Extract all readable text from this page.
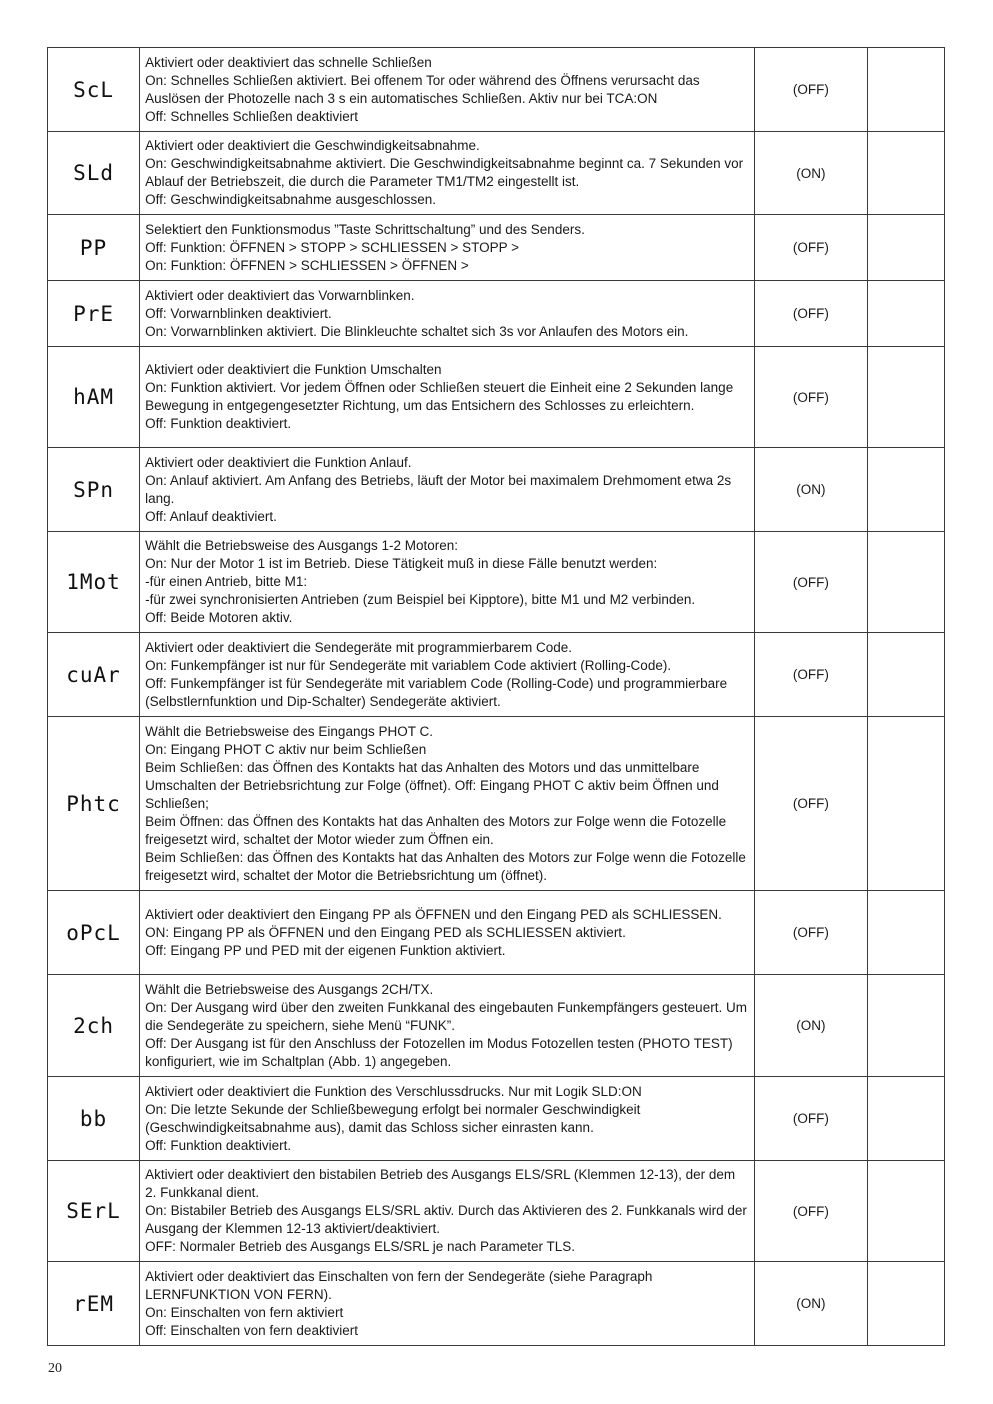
ScL	Aktiviert oder deaktiviert das schnelle Schließen
On: Schnelles Schließen aktiviert. Bei offenem Tor oder während des Öffnens verursacht das Auslösen der Photozelle nach 3 s ein automatisches Schließen. Aktiv nur bei TCA:ON
Off: Schnelles Schließen deaktiviert	(OFF)	
SLd	Aktiviert oder deaktiviert die Geschwindigkeitsabnahme.
On: Geschwindigkeitsabnahme aktiviert. Die Geschwindigkeitsabnahme beginnt ca. 7 Sekunden vor Ablauf der Betriebszeit, die durch die Parameter TM1/TM2 eingestellt ist.
Off: Geschwindigkeitsabnahme ausgeschlossen.	(ON)	
PP	Selektiert den Funktionsmodus ”Taste Schrittschaltung” und des Senders.
Off: Funktion: ÖFFNEN > STOPP > SCHLIESSEN > STOPP >
On: Funktion: ÖFFNEN > SCHLIESSEN > ÖFFNEN >	(OFF)	
PrE	Aktiviert oder deaktiviert das Vorwarnblinken.
Off: Vorwarnblinken deaktiviert.
On: Vorwarnblinken aktiviert. Die Blinkleuchte schaltet sich 3s vor Anlaufen des Motors ein.	(OFF)	
hAM	Aktiviert oder deaktiviert die Funktion Umschalten
On: Funktion aktiviert. Vor jedem Öffnen oder Schließen steuert die Einheit eine 2 Sekunden lange Bewegung in entgegengesetzter Richtung, um das Entsichern des Schlosses zu erleichtern.
Off: Funktion deaktiviert.	(OFF)	
SPn	Aktiviert oder deaktiviert die Funktion Anlauf.
On: Anlauf aktiviert. Am Anfang des Betriebs, läuft der Motor bei maximalem Drehmoment etwa 2s lang.
Off: Anlauf deaktiviert.	(ON)	
1Mot	Wählt die Betriebsweise des Ausgangs 1-2 Motoren:
On: Nur der Motor 1 ist im Betrieb. Diese Tätigkeit muß in diese Fälle benutzt werden:
-für einen Antrieb, bitte M1:
-für zwei synchronisierten Antrieben (zum Beispiel bei Kipptore), bitte M1 und M2 verbinden.
Off: Beide Motoren aktiv.	(OFF)	
cuAr	Aktiviert oder deaktiviert die Sendegeräte mit programmierbarem Code.
On: Funkempfänger ist nur für Sendegeräte mit variablem Code aktiviert (Rolling-Code).
Off: Funkempfänger ist für Sendegeräte mit variablem Code (Rolling-Code) und programmierbare (Selbstlernfunktion und Dip-Schalter) Sendegeräte aktiviert.	(OFF)	
Phtc	Wählt die Betriebsweise des Eingangs PHOT C.
On: Eingang PHOT C aktiv nur beim Schließen
Beim Schließen: das Öffnen des Kontakts hat das Anhalten des Motors und das unmittelbare Umschalten der Betriebsrichtung zur Folge (öffnet). Off: Eingang PHOT C aktiv beim Öffnen und Schließen;
Beim Öffnen: das Öffnen des Kontakts hat das Anhalten des Motors zur Folge wenn die Fotozelle freigesetzt wird, schaltet der Motor wieder zum Öffnen ein.
Beim Schließen: das Öffnen des Kontakts hat das Anhalten des Motors zur Folge wenn die Fotozelle freigesetzt wird, schaltet der Motor die Betriebsrichtung um (öffnet).	(OFF)	
oPcL	Aktiviert oder deaktiviert den Eingang PP als ÖFFNEN und den Eingang PED als SCHLIESSEN.
ON: Eingang PP als ÖFFNEN und den Eingang PED als SCHLIESSEN aktiviert.
Off: Eingang PP und PED mit der eigenen Funktion aktiviert.	(OFF)	
2ch	Wählt die Betriebsweise des Ausgangs 2CH/TX.
On: Der Ausgang wird über den zweiten Funkkanal des eingebauten Funkempfängers gesteuert. Um die Sendegeräte zu speichern, siehe Menü “FUNK”.
Off: Der Ausgang ist für den Anschluss der Fotozellen im Modus Fotozellen testen (PHOTO TEST) konfiguriert, wie im Schaltplan (Abb. 1) angegeben.	(ON)	
bb	Aktiviert oder deaktiviert die Funktion des Verschlussdrucks. Nur mit Logik SLD:ON
On: Die letzte Sekunde der Schließbewegung erfolgt bei normaler Geschwindigkeit (Geschwindigkeitsabnahme aus), damit das Schloss sicher einrasten kann.
Off: Funktion deaktiviert.	(OFF)	
SErL	Aktiviert oder deaktiviert den bistabilen Betrieb des Ausgangs ELS/SRL (Klemmen 12-13), der dem 2. Funkkanal dient.
On: Bistabiler Betrieb des Ausgangs ELS/SRL aktiv. Durch das Aktivieren des 2. Funkkanals wird der Ausgang der Klemmen 12-13 aktiviert/deaktiviert.
OFF: Normaler Betrieb des Ausgangs ELS/SRL je nach Parameter TLS.	(OFF)	
rEM	Aktiviert oder deaktiviert das Einschalten von fern der Sendegeräte (siehe Paragraph LERNFUNKTION VON FERN).
On: Einschalten von fern aktiviert
Off: Einschalten von fern deaktiviert	(ON)	
20
